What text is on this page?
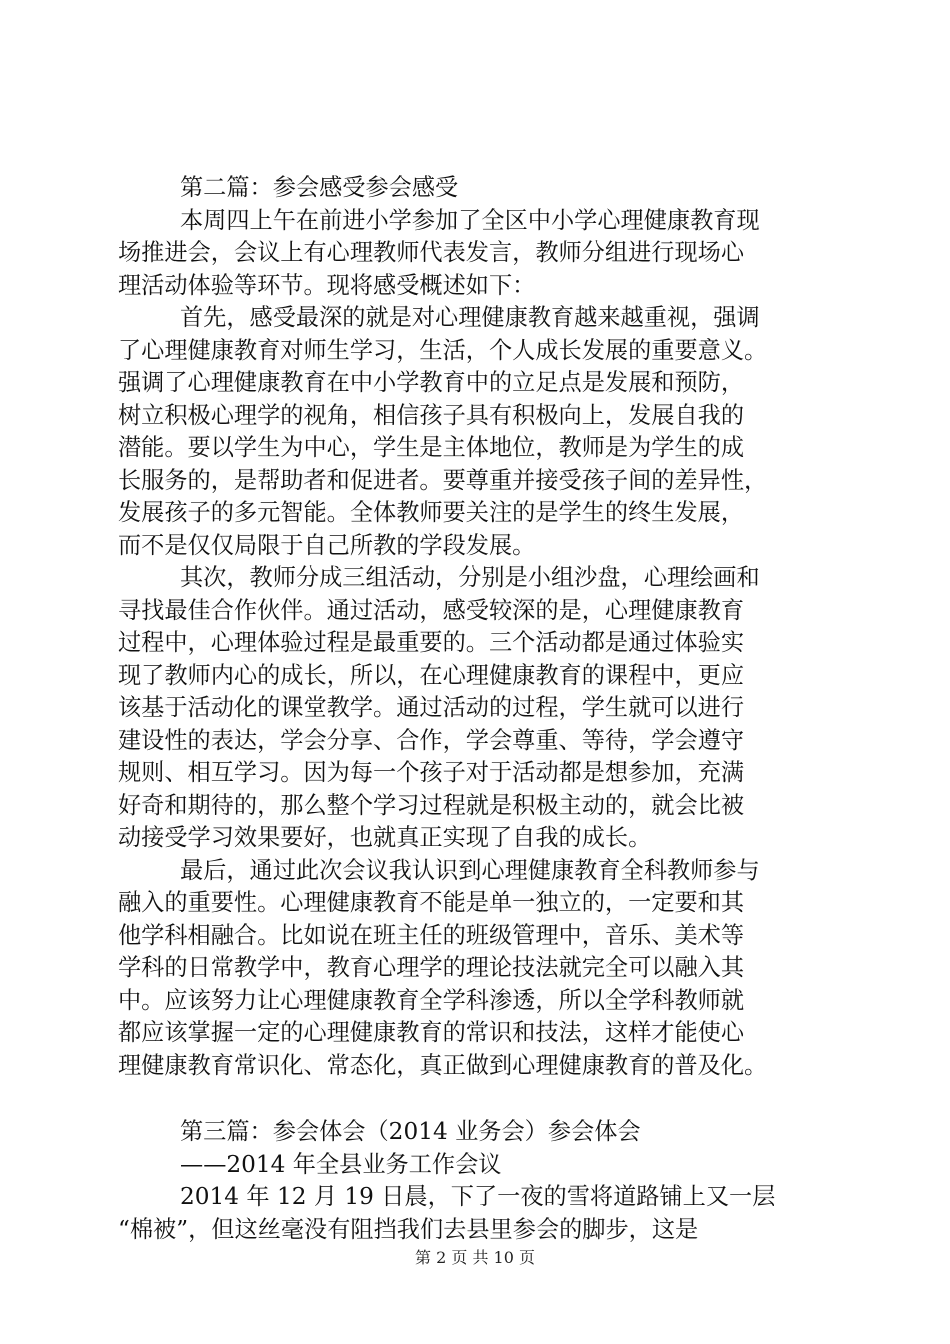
第二篇：参会感受参会感受
本周四上午在前进小学参加了全区中小学心理健康教育现
场推进会，会议上有心理教师代表发言，教师分组进行现场心
理活动体验等环节。现将感受概述如下：
首先，感受最深的就是对心理健康教育越来越重视，强调
了心理健康教育对师生学习，生活，个人成长发展的重要意义。
强调了心理健康教育在中小学教育中的立足点是发展和预防，
树立积极心理学的视角，相信孩子具有积极向上，发展自我的
潜能。要以学生为中心，学生是主体地位，教师是为学生的成
长服务的，是帮助者和促进者。要尊重并接受孩子间的差异性，
发展孩子的多元智能。全体教师要关注的是学生的终生发展，
而不是仅仅局限于自己所教的学段发展。
其次，教师分成三组活动，分别是小组沙盘，心理绘画和
寻找最佳合作伙伴。通过活动，感受较深的是，心理健康教育
过程中，心理体验过程是最重要的。三个活动都是通过体验实
现了教师内心的成长，所以，在心理健康教育的课程中，更应
该基于活动化的课堂教学。通过活动的过程，学生就可以进行
建设性的表达，学会分享、合作，学会尊重、等待，学会遵守
规则、相互学习。因为每一个孩子对于活动都是想参加，充满
好奇和期待的，那么整个学习过程就是积极主动的，就会比被
动接受学习效果要好，也就真正实现了自我的成长。
最后，通过此次会议我认识到心理健康教育全科教师参与
融入的重要性。心理健康教育不能是单一独立的，一定要和其
他学科相融合。比如说在班主任的班级管理中，音乐、美术等
学科的日常教学中，教育心理学的理论技法就完全可以融入其
中。应该努力让心理健康教育全学科渗透，所以全学科教师就
都应该掌握一定的心理健康教育的常识和技法，这样才能使心
理健康教育常识化、常态化，真正做到心理健康教育的普及化。
第三篇：参会体会（2014 业务会）参会体会
——2014 年全县业务工作会议
2014 年 12 月 19 日晨，下了一夜的雪将道路铺上又一层
“棉被”，但这丝毫没有阻挡我们去县里参会的脚步，这是
第 2 页 共 10 页
